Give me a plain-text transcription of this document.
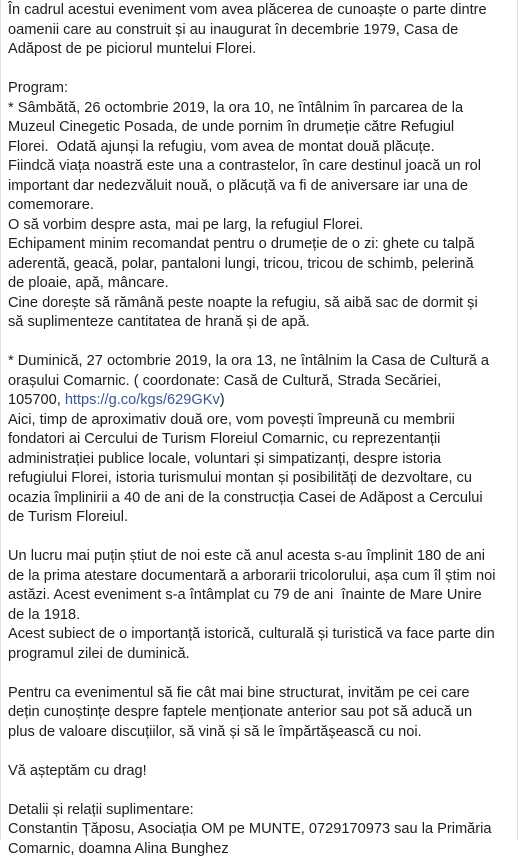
În cadrul acestui eveniment vom avea plăcerea de cunoaște o parte dintre
oamenii care au construit și au inaugurat în decembrie 1979, Casa de
Adăpost de pe piciorul muntelui Florei.
Program:
* Sâmbătă, 26 octombrie 2019, la ora 10, ne întâlnim în parcarea de la
Muzeul Cinegetic Posada, de unde pornim în drumeție către Refugiul
Florei.  Odată ajunși la refugiu, vom avea de montat două plăcuțe.
Fiindcă viața noastră este una a contrastelor, în care destinul joacă un rol
important dar nedezvăluit nouă, o plăcuță va fi de aniversare iar una de
comemorare.
O să vorbim despre asta, mai pe larg, la refugiul Florei.
Echipament minim recomandat pentru o drumeție de o zi: ghete cu talpă
aderentă, geacă, polar, pantaloni lungi, tricou, tricou de schimb, pelerină
de ploaie, apă, mâncare.
Cine dorește să rămână peste noapte la refugiu, să aibă sac de dormit și
să suplimenteze cantitatea de hrană și de apă.
* Duminică, 27 octombrie 2019, la ora 13, ne întâlnim la Casa de Cultură a
orașului Comarnic. ( coordonate: Casă de Cultură, Strada Secăriei,
105700, https://g.co/kgs/629GKv)
Aici, timp de aproximativ două ore, vom povești împreună cu membrii
fondatori ai Cercului de Turism Floreiul Comarnic, cu reprezentanții
administrației publice locale, voluntari și simpatizanți, despre istoria
refugiului Florei, istoria turismului montan și posibilități de dezvoltare, cu
ocazia împlinirii a 40 de ani de la construcția Casei de Adăpost a Cercului
de Turism Floreiul.
Un lucru mai puțin știut de noi este că anul acesta s-au împlinit 180 de ani
de la prima atestare documentară a arborarii tricolorului, așa cum îl știm noi
astăzi. Acest eveniment s-a întâmplat cu 79 de ani  înainte de Mare Unire
de la 1918.
Acest subiect de o importanță istorică, culturală și turistică va face parte din
programul zilei de duminică.
Pentru ca evenimentul să fie cât mai bine structurat, invităm pe cei care
dețin cunoștințe despre faptele menționate anterior sau pot să aducă un
plus de valoare discuțiilor, să vină și să le împărtășească cu noi.
Vă așteptăm cu drag!
Detalii și relații suplimentare:
Constantin Țăposu, Asociația OM pe MUNTE, 0729170973 sau la Primăria
Comarnic, doamna Alina Bunghez
